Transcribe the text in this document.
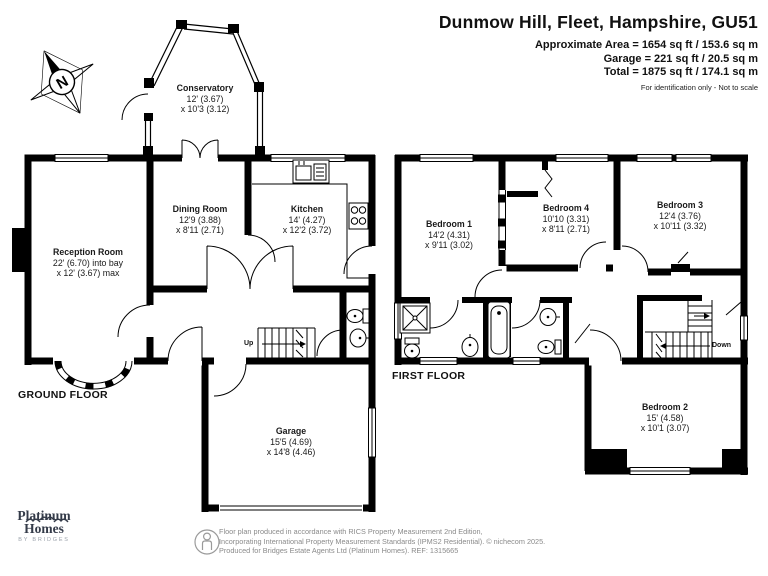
N
Dunmow Hill, Fleet, Hampshire, GU51
Approximate Area = 1654 sq ft / 153.6 sq m
Garage = 221 sq ft / 20.5 sq m
Total = 1875 sq ft / 174.1 sq m
For identification only - Not to scale
Conservatory
12' (3.67)
x 10'3 (3.12)
Dining Room
12'9 (3.88)
x 8'11 (2.71)
Kitchen
14' (4.27)
x 12'2 (3.72)
Reception Room
22' (6.70) into bay
x 12' (3.67) max
Garage
15'5 (4.69)
x 14'8 (4.46)
Bedroom 1
14'2 (4.31)
x 9'11 (3.02)
Bedroom 4
10'10 (3.31)
x 8'11 (2.71)
Bedroom 3
12'4 (3.76)
x 10'11 (3.32)
Bedroom 2
15' (4.58)
x 10'1 (3.07)
Up	Down
GROUND FLOOR
FIRST FLOOR
Floor plan produced in accordance with RICS Property Measurement 2nd Edition,
Incorporating International Property Measurement Standards (IPMS2 Residential). © nichecom 2025.
Produced for Bridges Estate Agents Ltd (Platinum Homes). REF: 1315665
Platinum
Homes
BY BRIDGES
